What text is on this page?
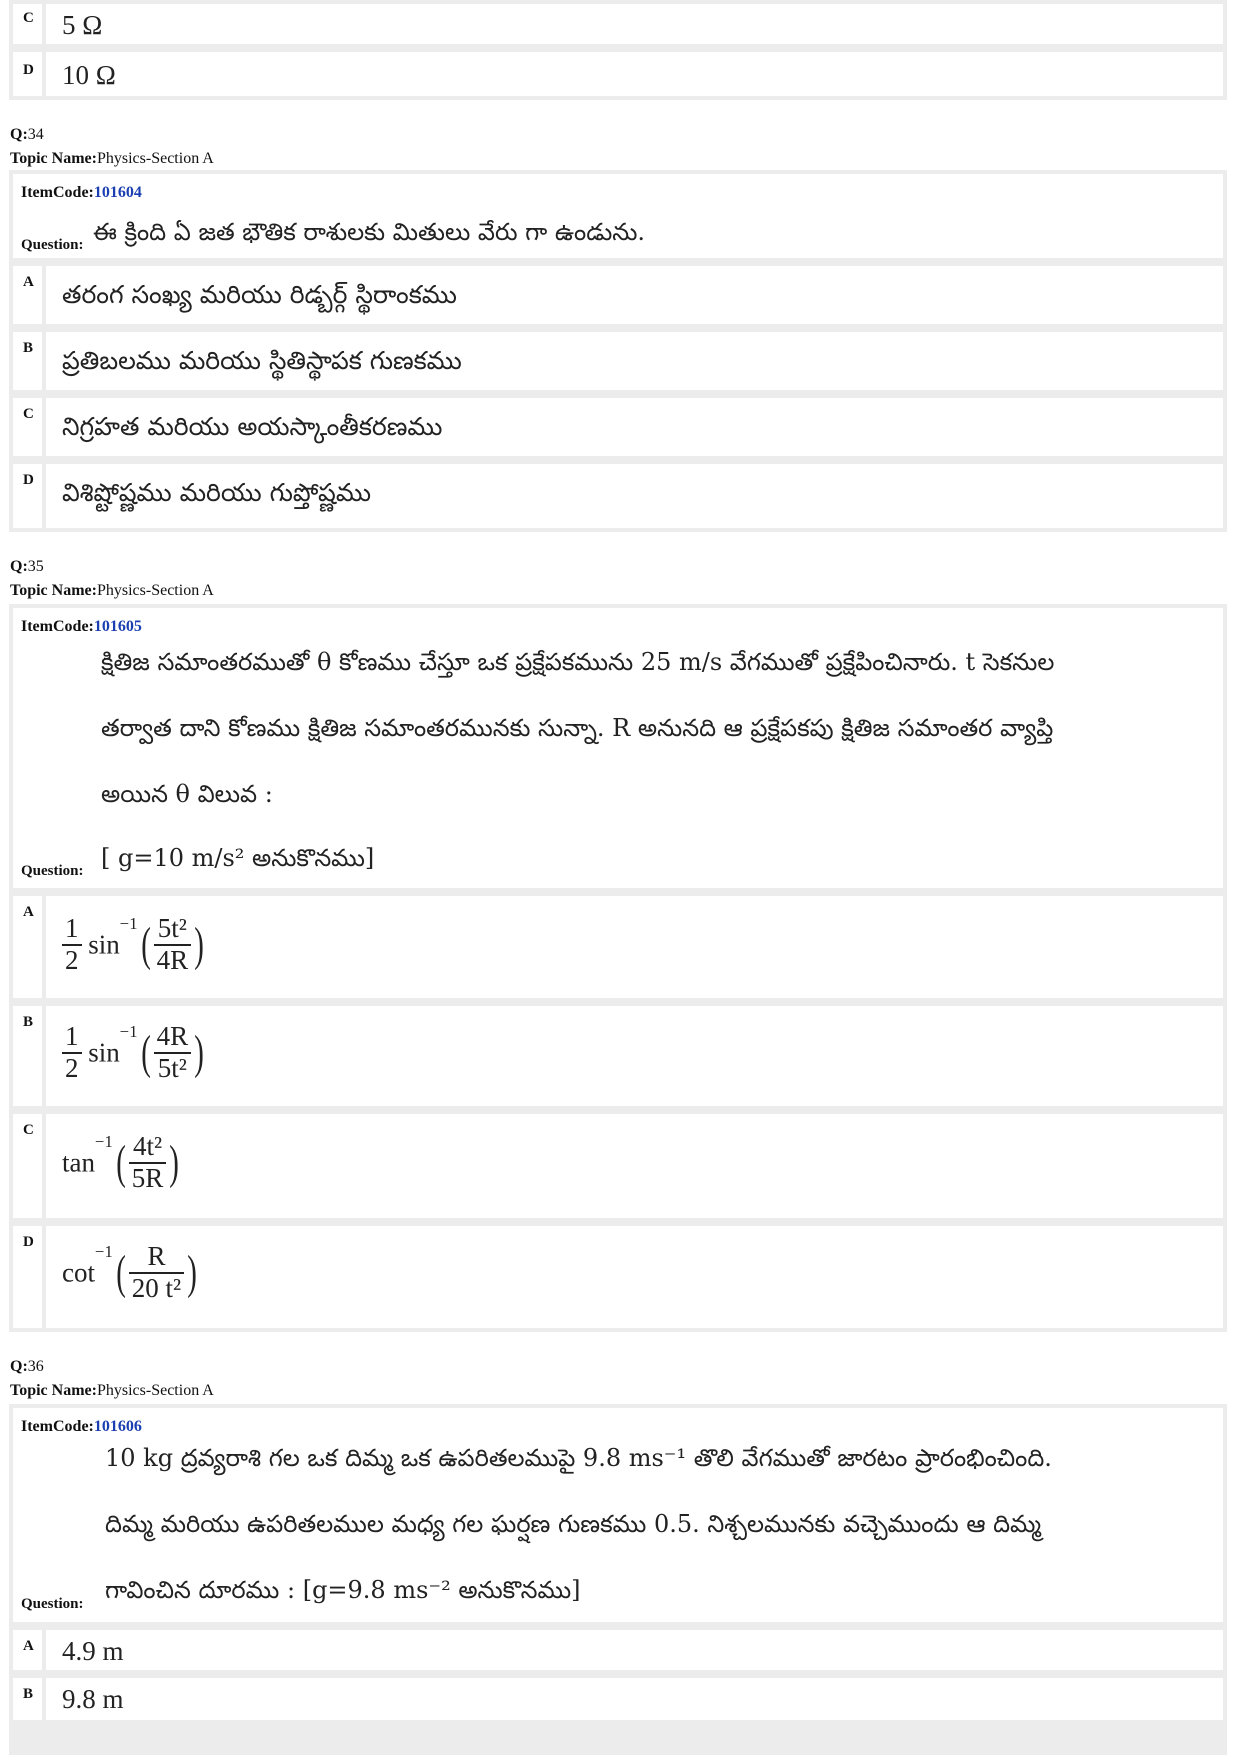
C 5 Ω
D 10 Ω
Q:34
Topic Name:Physics-Section A
ItemCode:101604
Question: ఈ క్రింది ఏ జత భౌతిక రాశులకు మితులు వేరు గా ఉండును.
A తరంగ సంఖ్య మరియు రిడ్బర్గ్ స్థిరాంకము
B ప్రతిబలము మరియు స్థితిస్థాపక గుణకము
C నిగ్రహత మరియు అయస్కాంతీకరణము
D విశిష్టోష్ణము మరియు గుప్తోష్ణము
Q:35
Topic Name:Physics-Section A
ItemCode:101605
క్షితిజ సమాంతరముతో θ కోణము చేస్తూ ఒక ప్రక్షేపకమును 25 m/s వేగముతో ప్రక్షేపించినారు. t సెకనుల
తర్వాత దాని కోణము క్షితిజ సమాంతరమునకు సున్నా. R అనునది ఆ ప్రక్షేపకపు క్షితిజ సమాంతర వ్యాప్తి
అయిన θ విలువ :
Question: [ g=10 m/s² అనుకొనము]
A
$\frac{1}{2} \sin^{-1}( \frac{\text{5t²}}{4R}$ )
B
$\frac{1}{2} \sin^{-1}( \frac{4R}{\text{5t²}}$ )
C
$\tan^{-1}( \frac{\text{4t²}}{5R}$ )
D
$\cot^{-1}( \frac{R}{\text{20 t²}}$ )
Q:36
Topic Name:Physics-Section A
ItemCode:101606
10 kg ద్రవ్యరాశి గల ఒక దిమ్మ ఒక ఉపరితలముపై 9.8 ms⁻¹ తొలి వేగముతో జారటం ప్రారంభించింది.
దిమ్మ మరియు ఉపరితలముల మధ్య గల ఘర్షణ గుణకము 0.5. నిశ్చలమునకు వచ్చెముందు ఆ దిమ్మ
Question: గావించిన దూరము : [g=9.8 ms⁻² అనుకొనము]
A 4.9 m
B 9.8 m
